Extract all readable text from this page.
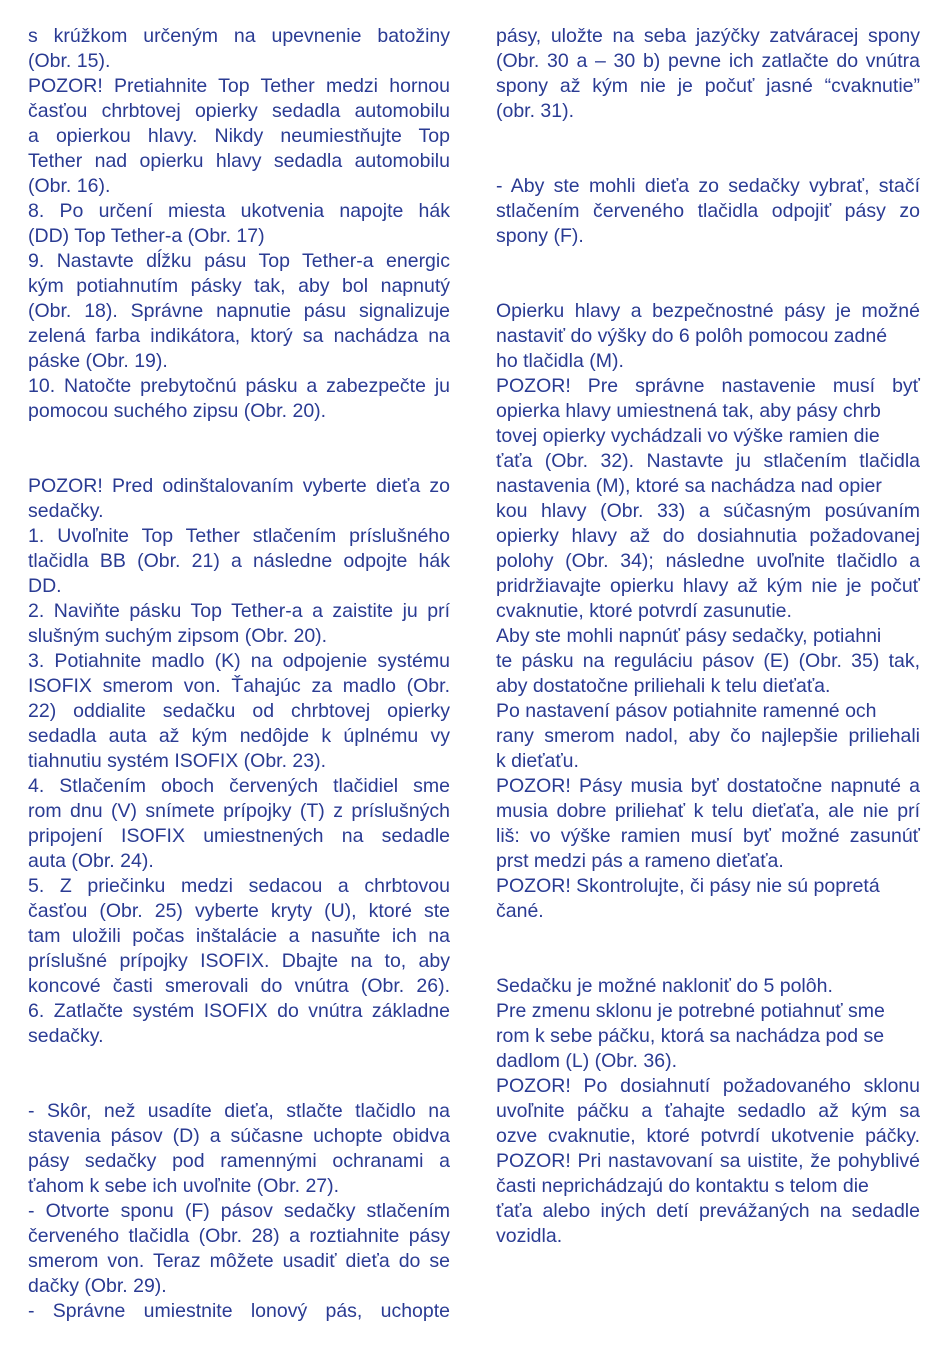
s krúžkom určeným na upevnenie batožiny
(Obr. 15).
POZOR! Pretiahnite Top Tether medzi hornou
časťou chrbtovej opierky sedadla automobilu
a opierkou hlavy. Nikdy neumiestňujte Top
Tether nad opierku hlavy sedadla automobilu
(Obr. 16).
8. Po určení miesta ukotvenia napojte hák
(DD) Top Tether-a (Obr. 17)
9. Nastavte dĺžku pásu Top Tether-a energic
kým potiahnutím pásky tak, aby bol napnutý
(Obr. 18). Správne napnutie pásu signalizuje
zelená farba indikátora, ktorý sa nachádza na
páske (Obr. 19).
10. Natočte prebytočnú pásku a zabezpečte ju
pomocou suchého zipsu (Obr. 20).
POZOR! Pred odinštalovaním vyberte dieťa zo
sedačky.
1. Uvoľnite Top Tether stlačením príslušného
tlačidla BB (Obr. 21) a následne odpojte hák
DD.
2. Naviňte pásku Top Tether-a a zaistite ju prí
slušným suchým zipsom (Obr. 20).
3. Potiahnite madlo (K) na odpojenie systému
ISOFIX smerom von. Ťahajúc za madlo (Obr.
22) oddialite sedačku od chrbtovej opierky
sedadla auta až kým nedôjde k úplnému vy
tiahnutiu systém ISOFIX (Obr. 23).
4. Stlačením oboch červených tlačidiel sme
rom dnu (V) snímete prípojky (T) z príslušných
pripojení ISOFIX umiestnených na sedadle
auta (Obr. 24).
5. Z priečinku medzi sedacou a chrbtovou
časťou (Obr. 25) vyberte kryty (U), ktoré ste
tam uložili počas inštalácie a nasuňte ich na
príslušné prípojky ISOFIX. Dbajte na to, aby
koncové časti smerovali do vnútra (Obr. 26).
6. Zatlačte systém ISOFIX do vnútra základne
sedačky.
- Skôr, než usadíte dieťa, stlačte tlačidlo na
stavenia pásov (D) a súčasne uchopte obidva
pásy sedačky pod ramennými ochranami a
ťahom k sebe ich uvoľnite (Obr. 27).
- Otvorte sponu (F) pásov sedačky stlačením
červeného tlačidla (Obr. 28) a roztiahnite pásy
smerom von. Teraz môžete usadiť dieťa do se
dačky (Obr. 29).
- Správne umiestnite lonový pás, uchopte
pásy, uložte na seba jazýčky zatváracej spony
(Obr. 30 a – 30 b) pevne ich zatlačte do vnútra
spony až kým nie je počuť jasné “cvaknutie”
(obr. 31).
- Aby ste mohli dieťa zo sedačky vybrať, stačí
stlačením červeného tlačidla odpojiť pásy zo
spony (F).
Opierku hlavy a bezpečnostné pásy je možné
nastaviť do výšky do 6 polôh pomocou zadné
ho tlačidla (M).
POZOR! Pre správne nastavenie musí byť
opierka hlavy umiestnená tak, aby pásy chrb
tovej opierky vychádzali vo výške ramien die
ťaťa (Obr. 32). Nastavte ju stlačením tlačidla
nastavenia (M), ktoré sa nachádza nad opier
kou hlavy (Obr. 33) a súčasným posúvaním
opierky hlavy až do dosiahnutia požadovanej
polohy (Obr. 34); následne uvoľnite tlačidlo a
pridržiavajte opierku hlavy až kým nie je počuť
cvaknutie, ktoré potvrdí zasunutie.
Aby ste mohli napnúť pásy sedačky, potiahni
te pásku na reguláciu pásov (E) (Obr. 35) tak,
aby dostatočne priliehali k telu dieťaťa.
Po nastavení pásov potiahnite ramenné och
rany smerom nadol, aby čo najlepšie priliehali
k dieťaťu.
POZOR! Pásy musia byť dostatočne napnuté a
musia dobre priliehať k telu dieťaťa, ale nie prí
liš: vo výške ramien musí byť možné zasunúť
prst medzi pás a rameno dieťaťa.
POZOR! Skontrolujte, či pásy nie sú popretá
čané.
Sedačku je možné nakloniť do 5 polôh.
Pre zmenu sklonu je potrebné potiahnuť sme
rom k sebe páčku, ktorá sa nachádza pod se
dadlom (L) (Obr. 36).
POZOR! Po dosiahnutí požadovaného sklonu
uvoľnite páčku a ťahajte sedadlo až kým sa
ozve cvaknutie, ktoré potvrdí ukotvenie páčky.
POZOR! Pri nastavovaní sa uistite, že pohyblivé
časti neprichádzajú do kontaktu s telom die
ťaťa alebo iných detí prevážaných na sedadle
vozidla.
